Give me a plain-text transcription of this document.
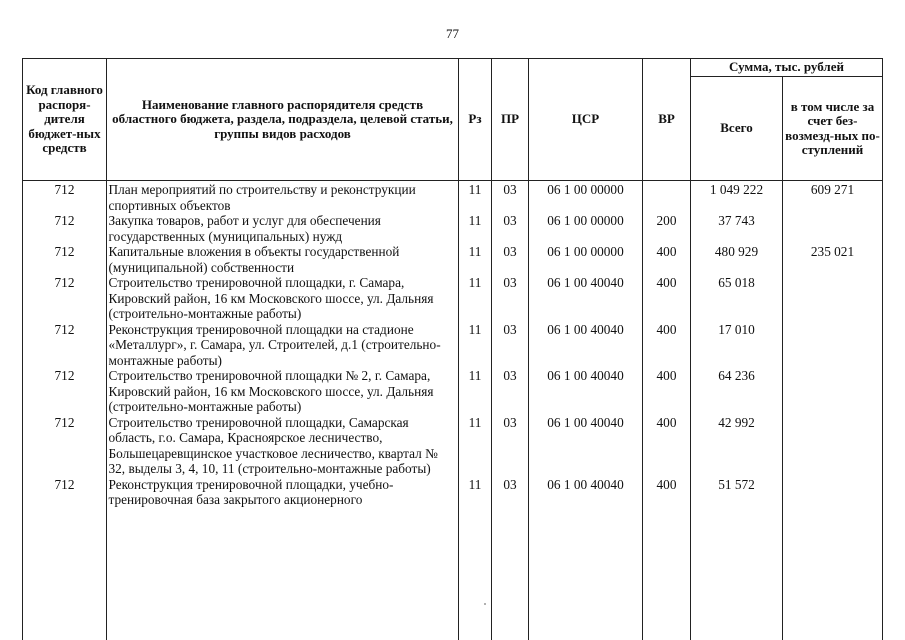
77
Код главного распоря-дителя бюджет-ных средств	Наименование главного распорядителя средств областного бюджета, раздела, подраздела, целевой статьи, группы видов расходов	Рз	ПР	ЦСР	ВР	Сумма, тыс. рублей	
						Всего	в том числе за счет без-возмезд-ных по-ступлений
712	План мероприятий по строительству и реконструкции спортивных объектов	11	03	06 1 00 00000		1 049 222	609 271
712	Закупка товаров, работ и услуг для обеспечения государственных (муниципальных) нужд	11	03	06 1 00 00000	200	37 743	
712	Капитальные вложения в объекты государственной (муниципальной) собственности	11	03	06 1 00 00000	400	480 929	235 021
712	Строительство тренировочной площадки, г. Самара, Кировский район, 16 км Московского шоссе, ул. Дальняя (строительно-монтажные работы)	11	03	06 1 00 40040	400	65 018	
712	Реконструкция тренировочной площадки на стадионе «Металлург», г. Самара, ул. Строителей, д.1 (строительно-монтажные работы)	11	03	06 1 00 40040	400	17 010	
712	Строительство тренировочной площадки № 2, г. Самара, Кировский район, 16 км Московского шоссе, ул. Дальняя (строительно-монтажные работы)	11	03	06 1 00 40040	400	64 236	
712	Строительство тренировочной площадки, Самарская область, г.о. Самара, Красноярское лесничество, Большецаревщинское участковое лесничество, квартал № 32, выделы 3, 4, 10, 11 (строительно-монтажные работы)	11	03	06 1 00 40040	400	42 992	
712	Реконструкция тренировочной площадки, учебно-тренировочная база закрытого акционерного	11	03	06 1 00 40040	400	51 572	
